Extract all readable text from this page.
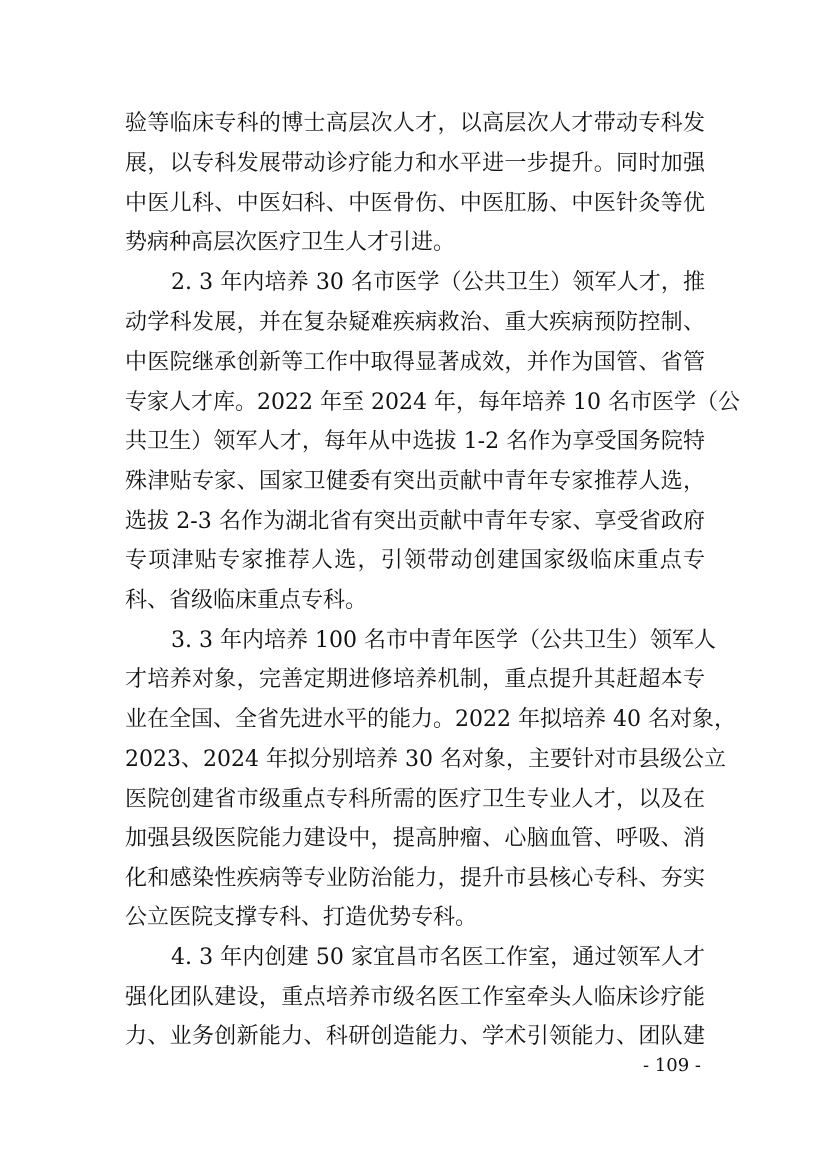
验等临床专科的博士高层次人才，以高层次人才带动专科发
展，以专科发展带动诊疗能力和水平进一步提升。同时加强
中医儿科、中医妇科、中医骨伤、中医肛肠、中医针灸等优
势病种高层次医疗卫生人才引进。
2. 3 年内培养 30 名市医学（公共卫生）领军人才，推
动学科发展，并在复杂疑难疾病救治、重大疾病预防控制、
中医院继承创新等工作中取得显著成效，并作为国管、省管
专家人才库。2022 年至 2024 年，每年培养 10 名市医学（公
共卫生）领军人才，每年从中选拔 1-2 名作为享受国务院特
殊津贴专家、国家卫健委有突出贡献中青年专家推荐人选，
选拔 2-3 名作为湖北省有突出贡献中青年专家、享受省政府
专项津贴专家推荐人选，引领带动创建国家级临床重点专
科、省级临床重点专科。
3. 3 年内培养 100 名市中青年医学（公共卫生）领军人
才培养对象，完善定期进修培养机制，重点提升其赶超本专
业在全国、全省先进水平的能力。2022 年拟培养 40 名对象，
2023、2024 年拟分别培养 30 名对象，主要针对市县级公立
医院创建省市级重点专科所需的医疗卫生专业人才，以及在
加强县级医院能力建设中，提高肿瘤、心脑血管、呼吸、消
化和感染性疾病等专业防治能力，提升市县核心专科、夯实
公立医院支撑专科、打造优势专科。
4. 3 年内创建 50 家宜昌市名医工作室，通过领军人才
强化团队建设，重点培养市级名医工作室牵头人临床诊疗能
力、业务创新能力、科研创造能力、学术引领能力、团队建
- 109 -
